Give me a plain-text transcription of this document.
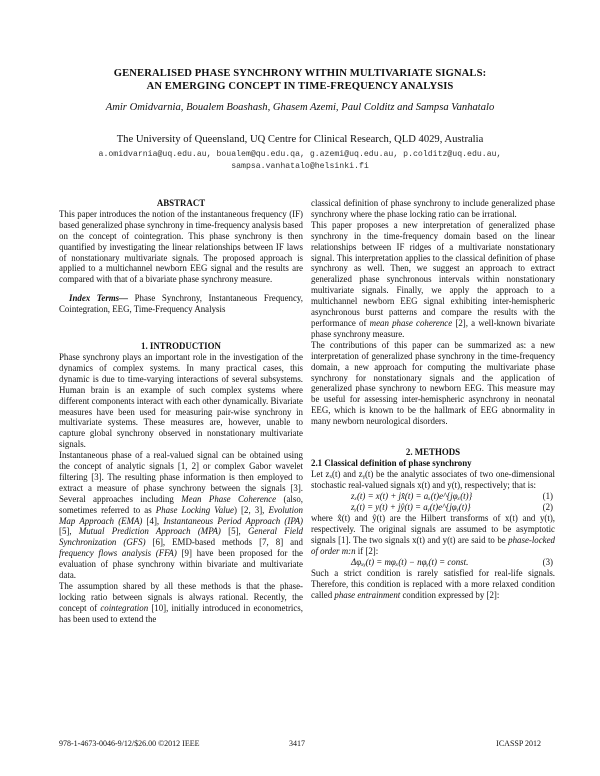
GENERALISED PHASE SYNCHRONY WITHIN MULTIVARIATE SIGNALS:
AN EMERGING CONCEPT IN TIME-FREQUENCY ANALYSIS
Amir Omidvarnia, Boualem Boashash, Ghasem Azemi, Paul Colditz and Sampsa Vanhatalo
The University of Queensland, UQ Centre for Clinical Research, QLD 4029, Australia
a.omidvarnia@uq.edu.au, boualem@qu.edu.qa, g.azemi@uq.edu.au, p.colditz@uq.edu.au,
sampsa.vanhatalo@helsinki.fi

ABSTRACT

This paper introduces the notion of the instantaneous frequency (IF) based generalized phase synchrony in time-frequency analysis based on the concept of cointegration. This phase synchrony is then quantified by investigating the linear relationships between IF laws of nonstationary multivariate signals. The proposed approach is applied to a multichannel newborn EEG signal and the results are compared with that of a bivariate phase synchrony measure.

Index Terms— Phase Synchrony, Instantaneous Frequency, Cointegration, EEG, Time-Frequency Analysis

1. INTRODUCTION

Phase synchrony plays an important role in the investigation of the dynamics of complex systems. In many practical cases, this dynamic is due to time-varying interactions of several subsystems. Human brain is an example of such complex systems where different components interact with each other dynamically. Bivariate measures have been used for measuring pair-wise synchrony in multivariate systems. These measures are, however, unable to capture global synchrony observed in nonstationary multivariate signals.

Instantaneous phase of a real-valued signal can be obtained using the concept of analytic signals [1, 2] or complex Gabor wavelet filtering [3]. The resulting phase information is then employed to extract a measure of phase synchrony between the signals [3]. Several approaches including Mean Phase Coherence (also, sometimes referred to as Phase Locking Value) [2, 3], Evolution Map Approach (EMA) [4], Instantaneous Period Approach (IPA) [5], Mutual Prediction Approach (MPA) [5], General Field Synchronization (GFS) [6], EMD-based methods [7, 8] and frequency flows analysis (FFA) [9] have been proposed for the evaluation of phase synchrony within bivariate and multivariate data.

The assumption shared by all these methods is that the phase-locking ratio between signals is always rational. Recently, the concept of cointegration [10], initially introduced in econometrics, has been used to extend the

classical definition of phase synchrony to include generalized phase synchrony where the phase locking ratio can be irrational.

This paper proposes a new interpretation of generalized phase synchrony in the time-frequency domain based on the linear relationships between IF ridges of a multivariate nonstationary signal. This interpretation applies to the classical definition of phase synchrony as well. Then, we suggest an approach to extract generalized phase synchronous intervals within nonstationary multivariate signals. Finally, we apply the approach to a multichannel newborn EEG signal exhibiting inter-hemispheric asynchronous burst patterns and compare the results with the performance of mean phase coherence [2], a well-known bivariate phase synchrony measure.

The contributions of this paper can be summarized as: a new interpretation of generalized phase synchrony in the time-frequency domain, a new approach for computing the multivariate phase synchrony for nonstationary signals and the application of generalized phase synchrony to newborn EEG. This measure may be useful for assessing inter-hemispheric asynchrony in neonatal EEG, which is known to be the hallmark of EEG abnormality in many newborn neurological disorders.

2. METHODS

2.1 Classical definition of phase synchrony

Let zₓ(t) and zᵧ(t) be the analytic associates of two one-dimensional stochastic real-valued signals x(t) and y(t), respectively; that is:

zₓ(t) = x(t) + jx̂(t) = aₓ(t)e^{jφₓ(t)}	(1)
zᵧ(t) = y(t) + jŷ(t) = aᵧ(t)e^{jφᵧ(t)}	(2)

where x̂(t) and ŷ(t) are the Hilbert transforms of x(t) and y(t), respectively. The original signals are assumed to be asymptotic signals [1]. The two signals x(t) and y(t) are said to be phase-locked of order m:n if [2]:

Δφₓᵧ(t) = mφₓ(t) − nφᵧ(t) = const.	(3)

Such a strict condition is rarely satisfied for real-life signals. Therefore, this condition is replaced with a more relaxed condition called phase entrainment condition expressed by [2]:

978-1-4673-0046-9/12/$26.00 ©2012 IEEE	3417	ICASSP 2012
